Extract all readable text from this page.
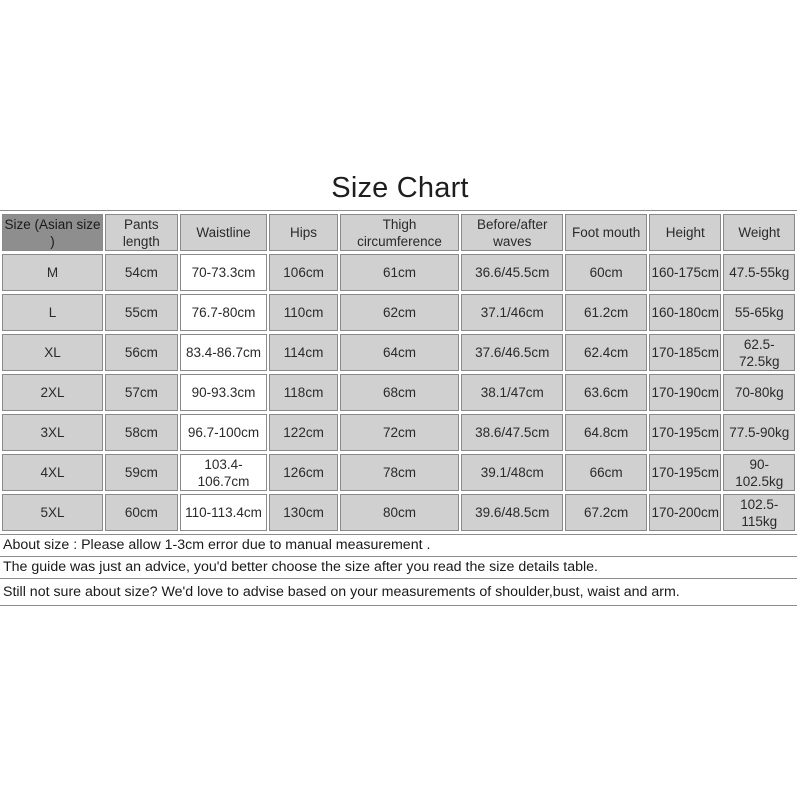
Size Chart
Size (Asian size )	Pants length	Waistline	Hips	Thigh circumference	Before/after waves	Foot mouth	Height	Weight
M	54cm	70-73.3cm	106cm	61cm	36.6/45.5cm	60cm	160-175cm	47.5-55kg
L	55cm	76.7-80cm	110cm	62cm	37.1/46cm	61.2cm	160-180cm	55-65kg
XL	56cm	83.4-86.7cm	114cm	64cm	37.6/46.5cm	62.4cm	170-185cm	62.5-72.5kg
2XL	57cm	90-93.3cm	118cm	68cm	38.1/47cm	63.6cm	170-190cm	70-80kg
3XL	58cm	96.7-100cm	122cm	72cm	38.6/47.5cm	64.8cm	170-195cm	77.5-90kg
4XL	59cm	103.4-106.7cm	126cm	78cm	39.1/48cm	66cm	170-195cm	90-102.5kg
5XL	60cm	110-113.4cm	130cm	80cm	39.6/48.5cm	67.2cm	170-200cm	102.5-115kg
About size : Please allow 1-3cm error due to manual measurement .
The guide was just an advice, you'd better choose the size after you read the size details table.
Still not sure about size? We'd love to advise based on your measurements of shoulder,bust, waist and arm.
